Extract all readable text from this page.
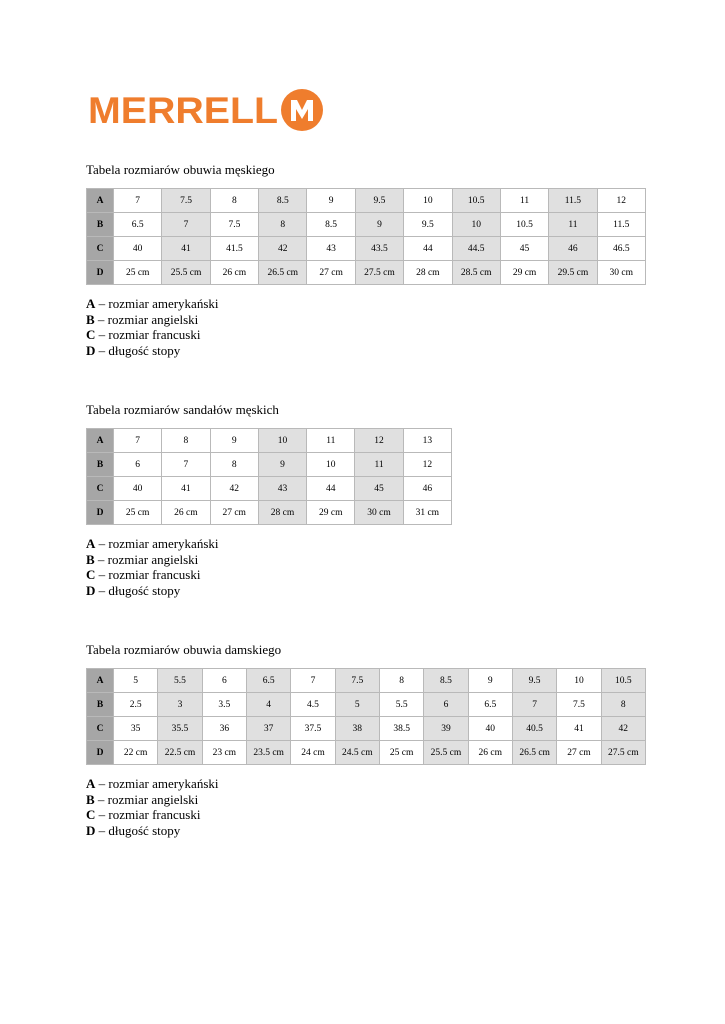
MERRELL
Tabela rozmiarów obuwia męskiego
A	7	7.5	8	8.5	9	9.5	10	10.5	11	11.5	12
B	6.5	7	7.5	8	8.5	9	9.5	10	10.5	11	11.5
C	40	41	41.5	42	43	43.5	44	44.5	45	46	46.5
D	25 cm	25.5 cm	26 cm	26.5 cm	27 cm	27.5 cm	28 cm	28.5 cm	29 cm	29.5 cm	30 cm
A – rozmiar amerykański
B – rozmiar angielski
C – rozmiar francuski
D – długość stopy
Tabela rozmiarów sandałów męskich
A	7	8	9	10	11	12	13
B	6	7	8	9	10	11	12
C	40	41	42	43	44	45	46
D	25 cm	26 cm	27 cm	28 cm	29 cm	30 cm	31 cm
A – rozmiar amerykański
B – rozmiar angielski
C – rozmiar francuski
D – długość stopy
Tabela rozmiarów obuwia damskiego
A	5	5.5	6	6.5	7	7.5	8	8.5	9	9.5	10	10.5
B	2.5	3	3.5	4	4.5	5	5.5	6	6.5	7	7.5	8
C	35	35.5	36	37	37.5	38	38.5	39	40	40.5	41	42
D	22 cm	22.5 cm	23 cm	23.5 cm	24 cm	24.5 cm	25 cm	25.5 cm	26 cm	26.5 cm	27 cm	27.5 cm
A – rozmiar amerykański
B – rozmiar angielski
C – rozmiar francuski
D – długość stopy
